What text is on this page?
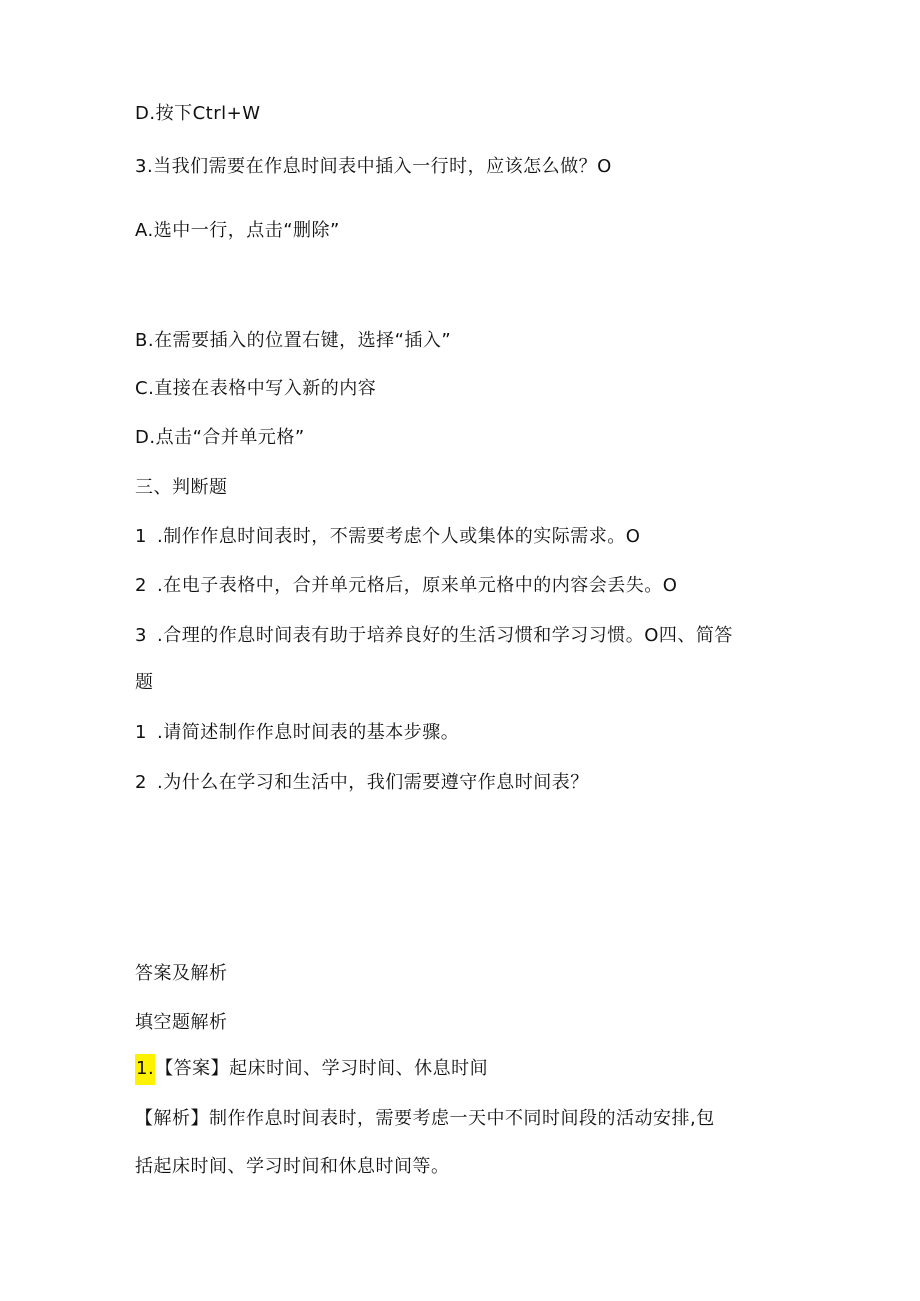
D.按下Ctrl+W
3.当我们需要在作息时间表中插入一行时，应该怎么做？O
A.选中一行，点击“删除”
B.在需要插入的位置右键，选择“插入”
C.直接在表格中写入新的内容
D.点击“合并单元格”
三、判断题
1 .制作作息时间表时，不需要考虑个人或集体的实际需求。O
2 .在电子表格中，合并单元格后，原来单元格中的内容会丢失。O
3 .合理的作息时间表有助于培养良好的生活习惯和学习习惯。O四、简答
题
1 .请简述制作作息时间表的基本步骤。
2 .为什么在学习和生活中，我们需要遵守作息时间表？
答案及解析
填空题解析
1.【答案】起床时间、学习时间、休息时间
【解析】制作作息时间表时，需要考虑一天中不同时间段的活动安排,包
括起床时间、学习时间和休息时间等。
